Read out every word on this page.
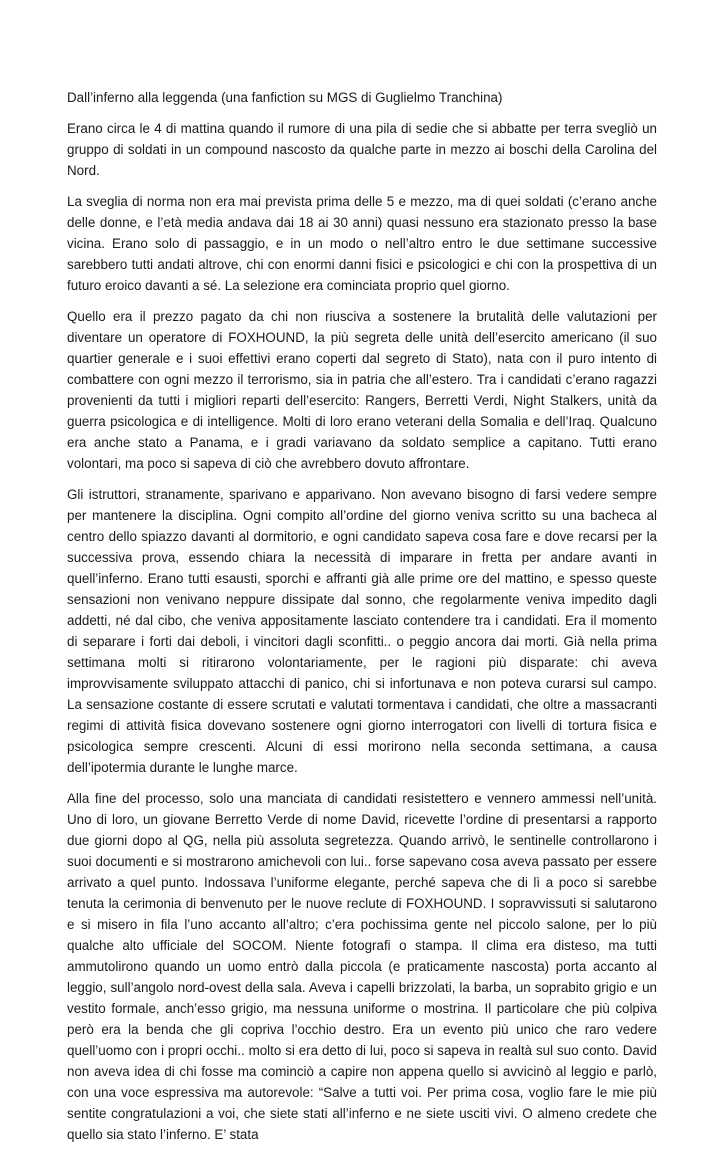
Dall’inferno alla leggenda (una fanfiction su MGS di Guglielmo Tranchina)

Erano circa le 4 di mattina quando il rumore di una pila di sedie che si abbatte per terra svegliò un gruppo di soldati in un compound nascosto da qualche parte in mezzo ai boschi della Carolina del Nord.

La sveglia di norma non era mai prevista prima delle 5 e mezzo, ma di quei soldati (c’erano anche delle donne, e l’età media andava dai 18 ai 30 anni) quasi nessuno era stazionato presso la base vicina. Erano solo di passaggio, e in un modo o nell’altro entro le due settimane successive sarebbero tutti andati altrove, chi con enormi danni fisici e psicologici e chi con la prospettiva di un futuro eroico davanti a sé. La selezione era cominciata proprio quel giorno.

Quello era il prezzo pagato da chi non riusciva a sostenere la brutalità delle valutazioni per diventare un operatore di FOXHOUND, la più segreta delle unità dell’esercito americano (il suo quartier generale e i suoi effettivi erano coperti dal segreto di Stato), nata con il puro intento di combattere con ogni mezzo il terrorismo, sia in patria che all’estero. Tra i candidati c’erano ragazzi provenienti da tutti i migliori reparti dell’esercito: Rangers, Berretti Verdi, Night Stalkers, unità da guerra psicologica e di intelligence. Molti di loro erano veterani della Somalia e dell’Iraq. Qualcuno era anche stato a Panama, e i gradi variavano da soldato semplice a capitano. Tutti erano volontari, ma poco si sapeva di ciò che avrebbero dovuto affrontare.

Gli istruttori, stranamente, sparivano e apparivano. Non avevano bisogno di farsi vedere sempre per mantenere la disciplina. Ogni compito all’ordine del giorno veniva scritto su una bacheca al centro dello spiazzo davanti al dormitorio, e ogni candidato sapeva cosa fare e dove recarsi per la successiva prova, essendo chiara la necessità di imparare in fretta per andare avanti in quell’inferno. Erano tutti esausti, sporchi e affranti già alle prime ore del mattino, e spesso queste sensazioni non venivano neppure dissipate dal sonno, che regolarmente veniva impedito dagli addetti, né dal cibo, che veniva appositamente lasciato contendere tra i candidati. Era il momento di separare i forti dai deboli, i vincitori dagli sconfitti.. o peggio ancora dai morti. Già nella prima settimana molti si ritirarono volontariamente, per le ragioni più disparate: chi aveva improvvisamente sviluppato attacchi di panico, chi si infortunava e non poteva curarsi sul campo. La sensazione costante di essere scrutati e valutati tormentava i candidati, che oltre a massacranti regimi di attività fisica dovevano sostenere ogni giorno interrogatori con livelli di tortura fisica e psicologica sempre crescenti. Alcuni di essi morirono nella seconda settimana, a causa dell’ipotermia durante le lunghe marce.

Alla fine del processo, solo una manciata di candidati resistettero e vennero ammessi nell’unità. Uno di loro, un giovane Berretto Verde di nome David, ricevette l’ordine di presentarsi a rapporto due giorni dopo al QG, nella più assoluta segretezza. Quando arrivò, le sentinelle controllarono i suoi documenti e si mostrarono amichevoli con lui.. forse sapevano cosa aveva passato per essere arrivato a quel punto. Indossava l’uniforme elegante, perché sapeva che di lì a poco si sarebbe tenuta la cerimonia di benvenuto per le nuove reclute di FOXHOUND. I sopravvissuti si salutarono e si misero in fila l’uno accanto all’altro; c’era pochissima gente nel piccolo salone, per lo più qualche alto ufficiale del SOCOM. Niente fotografi o stampa. Il clima era disteso, ma tutti ammutolirono quando un uomo entrò dalla piccola (e praticamente nascosta) porta accanto al leggio, sull’angolo nord-ovest della sala. Aveva i capelli brizzolati, la barba, un soprabito grigio e un vestito formale, anch’esso grigio, ma nessuna uniforme o mostrina. Il particolare che più colpiva però era la benda che gli copriva l’occhio destro. Era un evento più unico che raro vedere quell’uomo con i propri occhi.. molto si era detto di lui, poco si sapeva in realtà sul suo conto. David non aveva idea di chi fosse ma cominciò a capire non appena quello si avvicinò al leggio e parlò, con una voce espressiva ma autorevole: “Salve a tutti voi. Per prima cosa, voglio fare le mie più sentite congratulazioni a voi, che siete stati all’inferno e ne siete usciti vivi. O almeno credete che quello sia stato l’inferno. E’ stata
